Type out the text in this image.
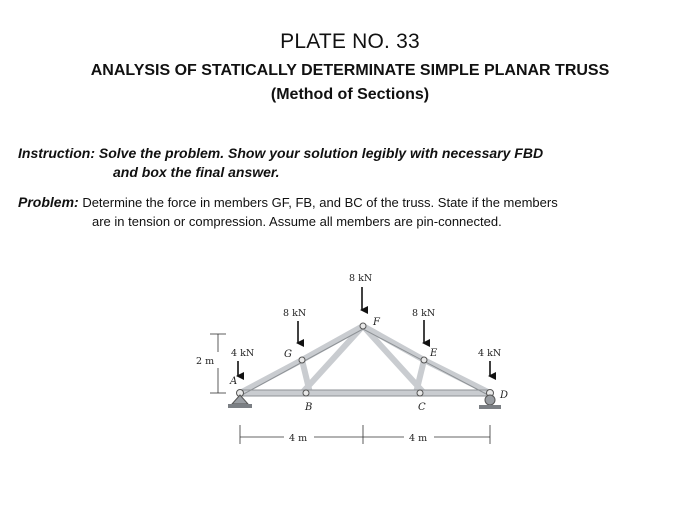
PLATE NO. 33
ANALYSIS OF STATICALLY DETERMINATE SIMPLE PLANAR TRUSS
(Method of Sections)
Instruction: Solve the problem. Show your solution legibly with necessary FBD
and box the final answer.
Problem: Determine the force in members GF, FB, and BC of the truss. State if the members
are in tension or compression. Assume all members are pin-connected.
4 kN
8 kN
8 kN
8 kN
4 kN
A
B	C
D
E
F
G
2 m
4 m	4 m
